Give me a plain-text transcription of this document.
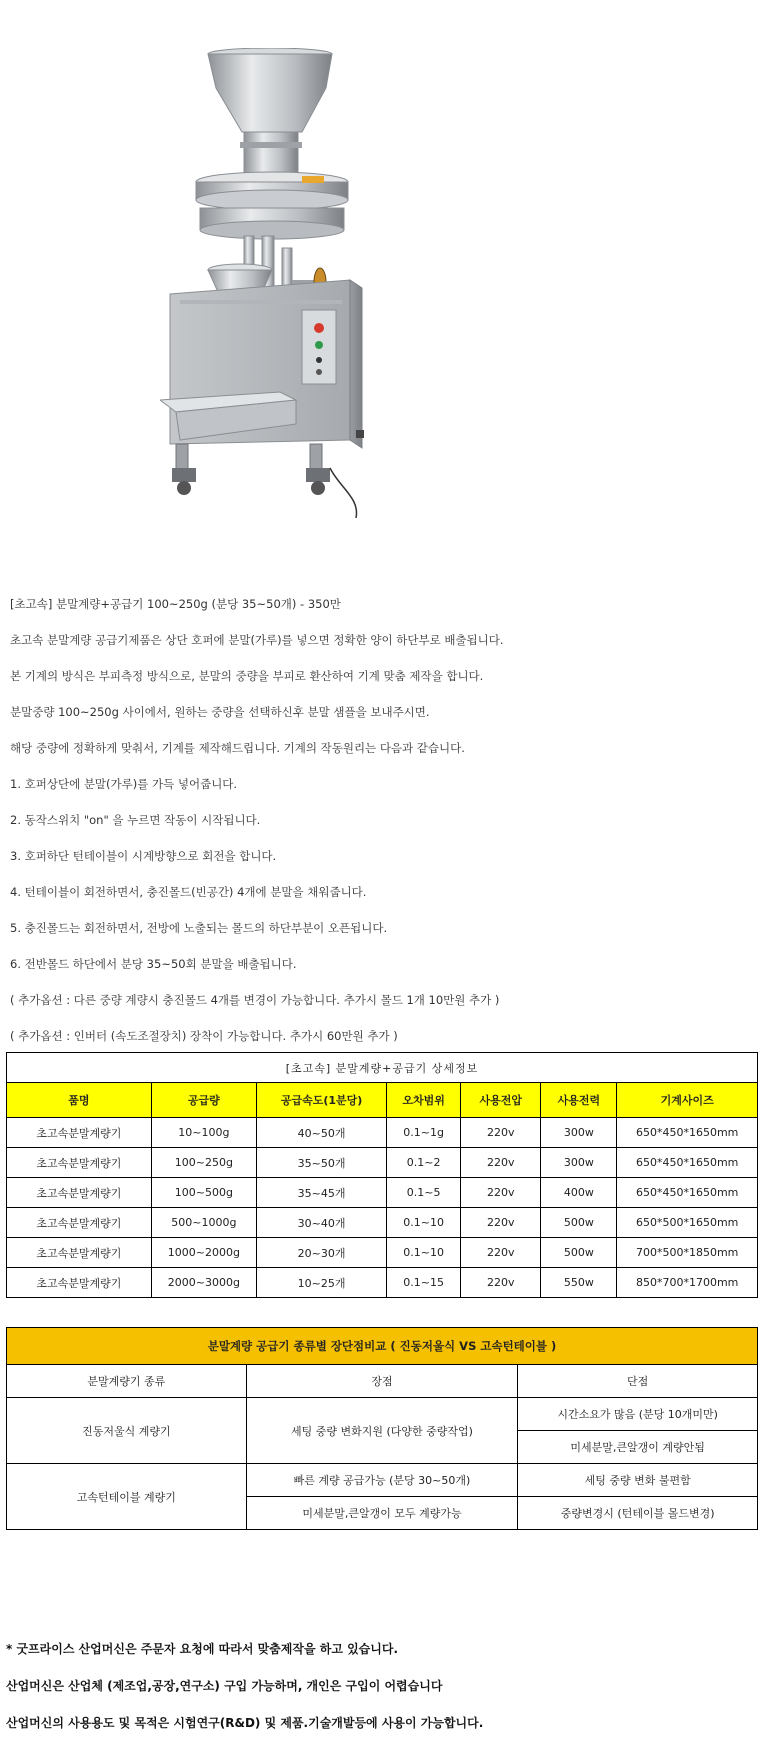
[초고속] 분말계량+공급기 100~250g (분당 35~50개) - 350만

초고속 분말계량 공급기제품은 상단 호퍼에 분말(가루)를 넣으면 정확한 양이 하단부로 배출됩니다.

본 기계의 방식은 부피측정 방식으로, 분말의 중량을 부피로 환산하여 기계 맞춤 제작을 합니다.

분말중량 100~250g 사이에서, 원하는 중량을 선택하신후 분말 샘플을 보내주시면.

해당 중량에 정확하게 맞춰서, 기계를 제작해드립니다. 기계의 작동원리는 다음과 같습니다.

1. 호퍼상단에 분말(가루)를 가득 넣어줍니다.

2. 동작스위치 "on" 을 누르면 작동이 시작됩니다.

3. 호퍼하단 턴테이블이 시계방향으로 회전을 합니다.

4. 턴테이블이 회전하면서, 충진몰드(빈공간) 4개에 분말을 채워줍니다.

5. 충진몰드는 회전하면서, 전방에 노출되는 몰드의 하단부분이 오픈됩니다.

6. 전반몰드 하단에서 분당 35~50회 분말을 배출됩니다.

( 추가옵션 : 다른 중량 계량시 충진몰드 4개를 변경이 가능합니다. 추가시 몰드 1개 10만원 추가 )

( 추가옵션 : 인버터 (속도조절장치) 장착이 가능합니다. 추가시 60만원 추가 )

[초고속] 분말계량+공급기 상세정보						
품명	공급량	공급속도(1분당)	오차범위	사용전압	사용전력	기계사이즈
초고속분말계량기	10~100g	40~50개	0.1~1g	220v	300w	650*450*1650mm
초고속분말계량기	100~250g	35~50개	0.1~2	220v	300w	650*450*1650mm
초고속분말계량기	100~500g	35~45개	0.1~5	220v	400w	650*450*1650mm
초고속분말계량기	500~1000g	30~40개	0.1~10	220v	500w	650*500*1650mm
초고속분말계량기	1000~2000g	20~30개	0.1~10	220v	500w	700*500*1850mm
초고속분말계량기	2000~3000g	10~25개	0.1~15	220v	550w	850*700*1700mm
분말계량 공급기 종류별 장단점비교 ( 진동저울식 VS 고속턴테이블 )		
분말계량기 종류	장점	단점
진동저울식 계량기	세팅 중량 변화지원 (다양한 중량작업)	시간소요가 많음 (분당 10개미만)
		미세분말,큰알갱이 계량안됨
고속턴테이블 계량기	빠른 계량 공급가능 (분당 30~50개)	세팅 중량 변화 불편함
	미세분말,큰알갱이 모두 계량가능	중량변경시 (턴테이블 몰드변경)

* 굿프라이스 산업머신은 주문자 요청에 따라서 맞춤제작을 하고 있습니다.

산업머신은 산업체 (제조업,공장,연구소) 구입 가능하며, 개인은 구입이 어렵습니다

산업머신의 사용용도 및 목적은 시험연구(R&D) 및 제품.기술개발등에 사용이 가능합니다.
